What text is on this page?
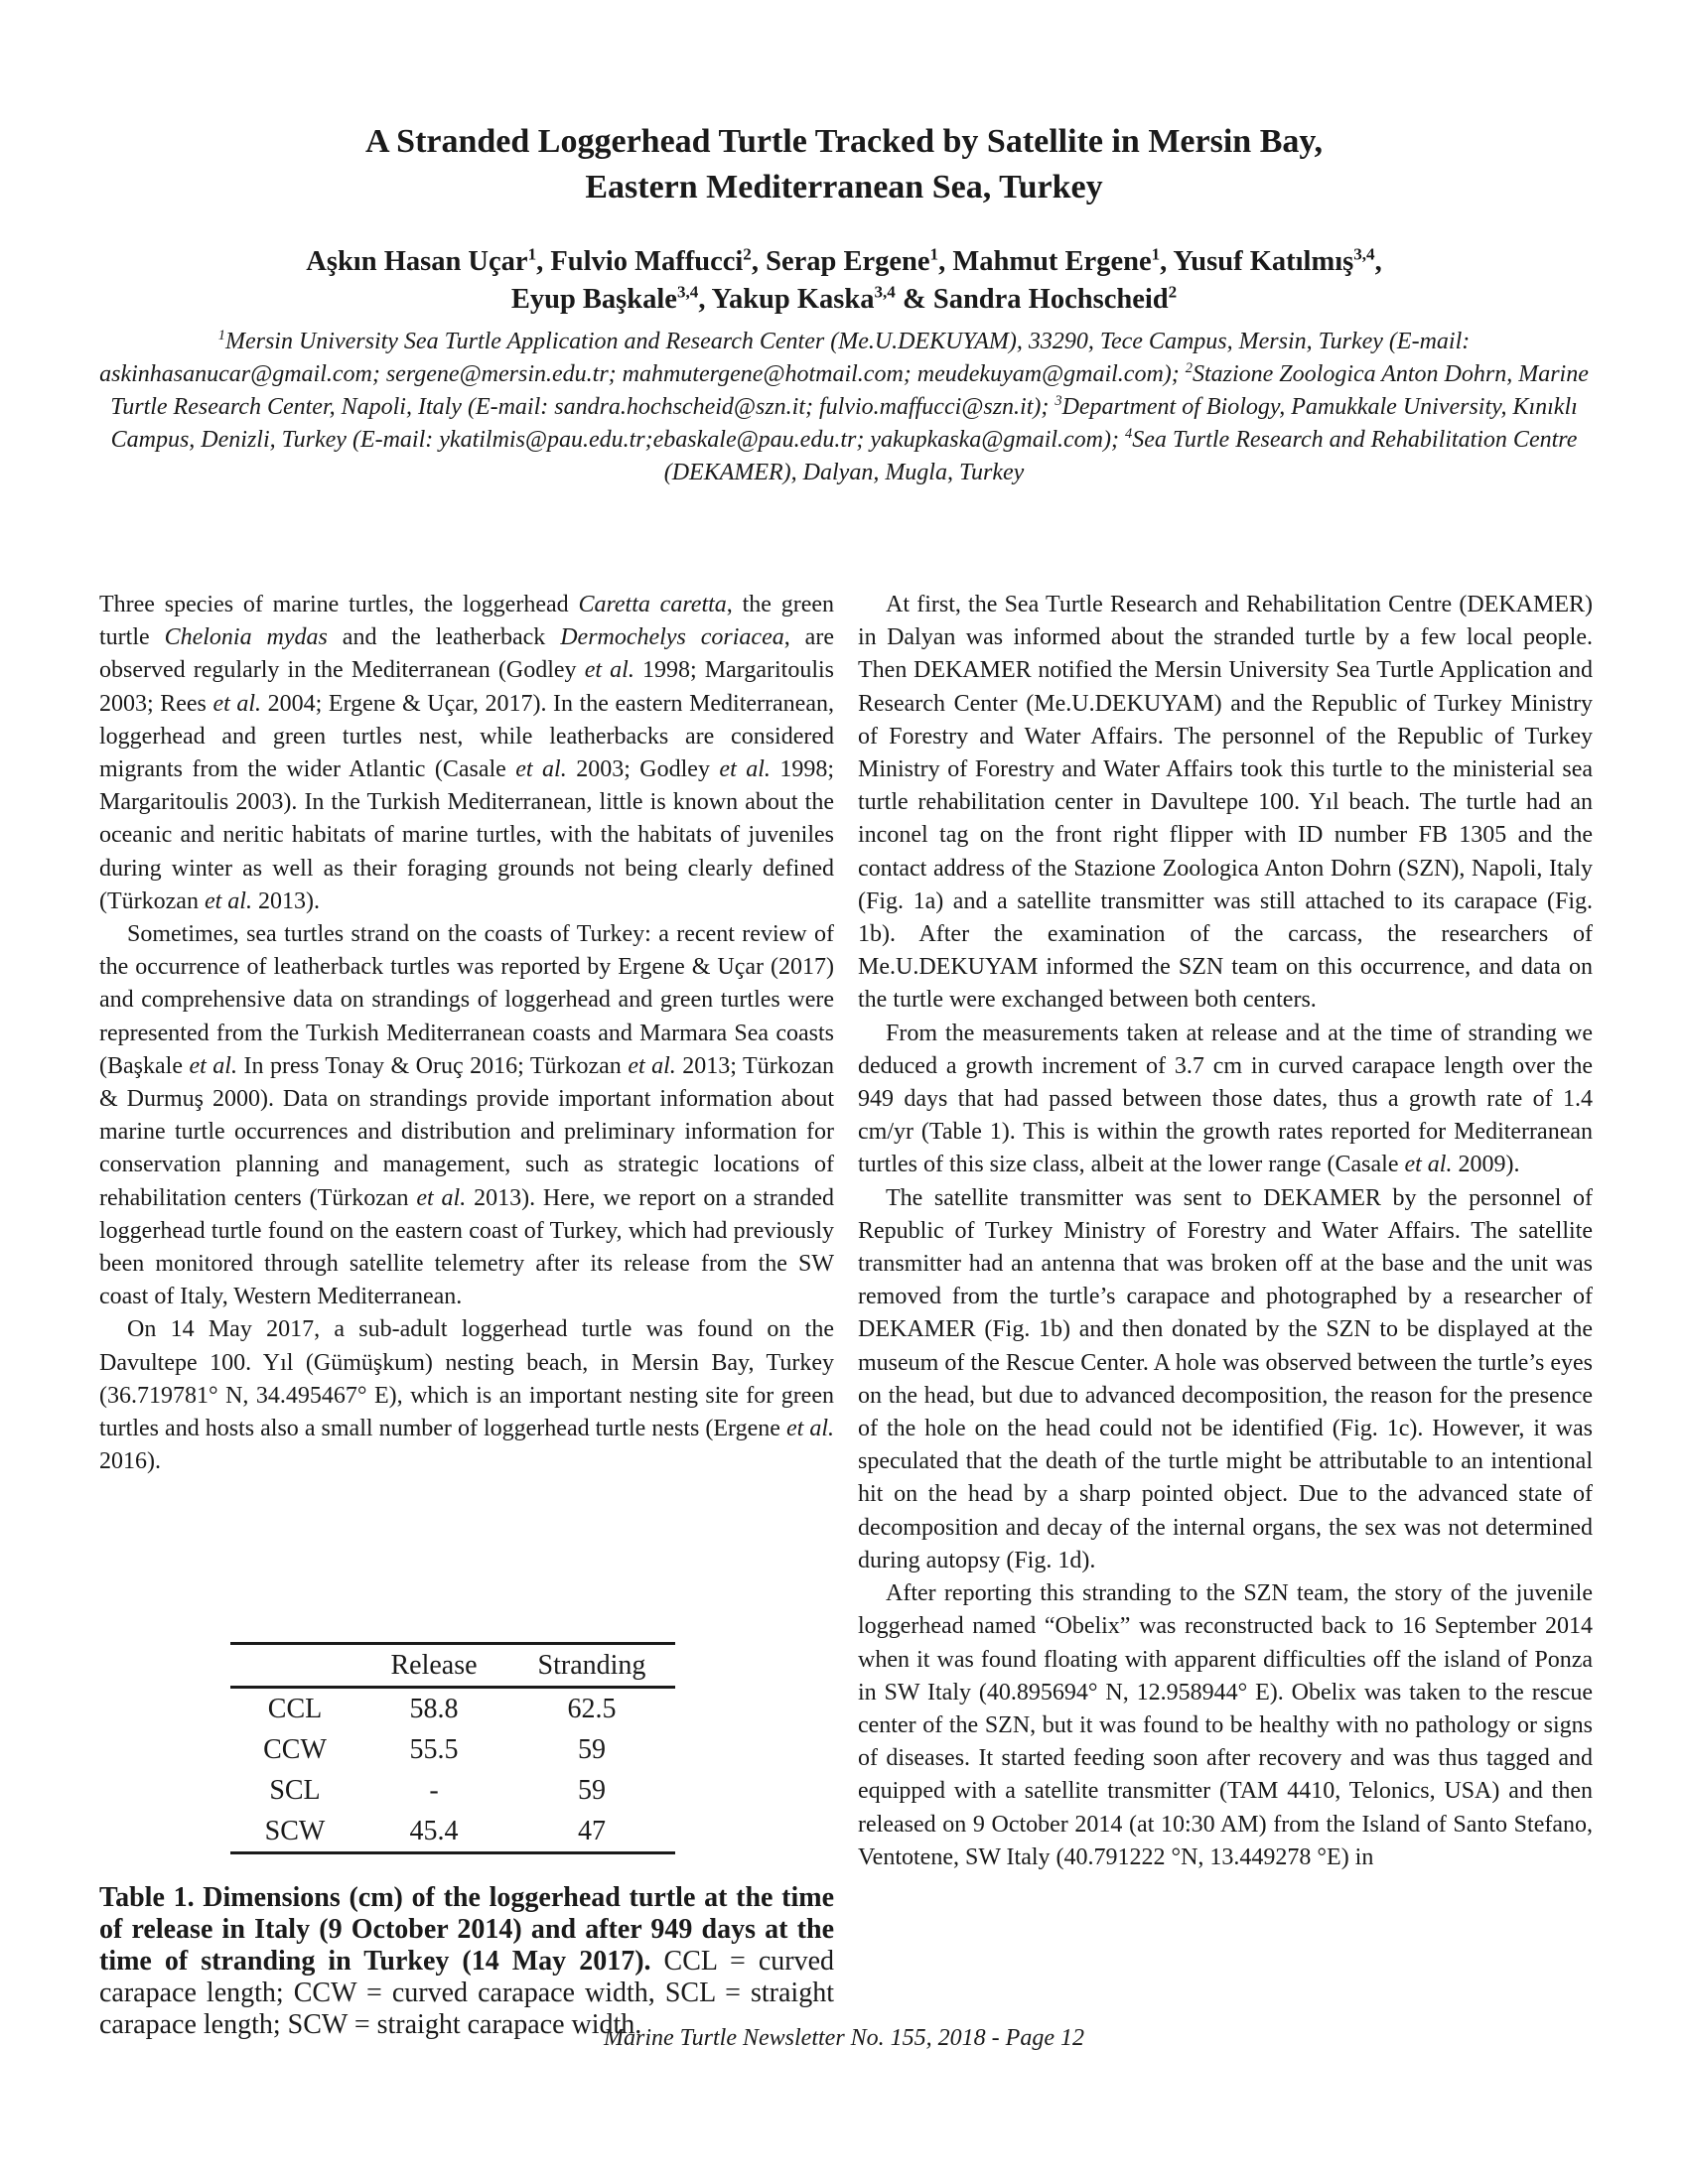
A Stranded Loggerhead Turtle Tracked by Satellite in Mersin Bay,
Eastern Mediterranean Sea, Turkey
Aşkın Hasan Uçar$^1$, Fulvio Maffucci$^2$, Serap Ergene$^1$, Mahmut Ergene$^1$, Yusuf Katılmış$^{3,4}$,
Eyup Başkale$^{3,4}$, Yakup Kaska$^{3,4}$ & Sandra Hochscheid$^2$
$^1$Mersin University Sea Turtle Application and Research Center (Me.U.DEKUYAM), 33290, Tece Campus, Mersin, Turkey (E-mail: askinhasanucar@gmail.com; sergene@mersin.edu.tr; mahmutergene@hotmail.com; meudekuyam@gmail.com); $^2$Stazione Zoologica Anton Dohrn, Marine Turtle Research Center, Napoli, Italy (E-mail: sandra.hochscheid@szn.it; fulvio.maffucci@szn.it); $^3$Department of Biology, Pamukkale University, Kınıklı Campus, Denizli, Turkey (E-mail: ykatilmis@pau.edu.tr;ebaskale@pau.edu.tr; yakupkaska@gmail.com); $^4$Sea Turtle Research and Rehabilitation Centre (DEKAMER), Dalyan, Mugla, Turkey

Three species of marine turtles, the loggerhead Caretta caretta, the green turtle Chelonia mydas and the leatherback Dermochelys coriacea, are observed regularly in the Mediterranean (Godley et al. 1998; Margaritoulis 2003; Rees et al. 2004; Ergene & Uçar, 2017). In the eastern Mediterranean, loggerhead and green turtles nest, while leatherbacks are considered migrants from the wider Atlantic (Casale et al. 2003; Godley et al. 1998; Margaritoulis 2003). In the Turkish Mediterranean, little is known about the oceanic and neritic habitats of marine turtles, with the habitats of juveniles during winter as well as their foraging grounds not being clearly defined (Türkozan et al. 2013).

Sometimes, sea turtles strand on the coasts of Turkey: a recent review of the occurrence of leatherback turtles was reported by Ergene & Uçar (2017) and comprehensive data on strandings of loggerhead and green turtles were represented from the Turkish Mediterranean coasts and Marmara Sea coasts (Başkale et al. In press Tonay & Oruç 2016; Türkozan et al. 2013; Türkozan & Durmuş 2000). Data on strandings provide important information about marine turtle occurrences and distribution and preliminary information for conservation planning and management, such as strategic locations of rehabilitation centers (Türkozan et al. 2013). Here, we report on a stranded loggerhead turtle found on the eastern coast of Turkey, which had previously been monitored through satellite telemetry after its release from the SW coast of Italy, Western Mediterranean.

On 14 May 2017, a sub-adult loggerhead turtle was found on the Davultepe 100. Yıl (Gümüşkum) nesting beach, in Mersin Bay, Turkey (36.719781° N, 34.495467° E), which is an important nesting site for green turtles and hosts also a small number of loggerhead turtle nests (Ergene et al. 2016).

	Release	Stranding
CCL	58.8	62.5
CCW	55.5	59
SCL	-	59
SCW	45.4	47
Table 1. Dimensions (cm) of the loggerhead turtle at the time of release in Italy (9 October 2014) and after 949 days at the time of stranding in Turkey (14 May 2017). CCL = curved carapace length; CCW = curved carapace width, SCL = straight carapace length; SCW = straight carapace width.

At first, the Sea Turtle Research and Rehabilitation Centre (DEKAMER) in Dalyan was informed about the stranded turtle by a few local people. Then DEKAMER notified the Mersin University Sea Turtle Application and Research Center (Me.U.DEKUYAM) and the Republic of Turkey Ministry of Forestry and Water Affairs. The personnel of the Republic of Turkey Ministry of Forestry and Water Affairs took this turtle to the ministerial sea turtle rehabilitation center in Davultepe 100. Yıl beach. The turtle had an inconel tag on the front right flipper with ID number FB 1305 and the contact address of the Stazione Zoologica Anton Dohrn (SZN), Napoli, Italy (Fig. 1a) and a satellite transmitter was still attached to its carapace (Fig. 1b). After the examination of the carcass, the researchers of Me.U.DEKUYAM informed the SZN team on this occurrence, and data on the turtle were exchanged between both centers.

From the measurements taken at release and at the time of stranding we deduced a growth increment of 3.7 cm in curved carapace length over the 949 days that had passed between those dates, thus a growth rate of 1.4 cm/yr (Table 1). This is within the growth rates reported for Mediterranean turtles of this size class, albeit at the lower range (Casale et al. 2009).

The satellite transmitter was sent to DEKAMER by the personnel of Republic of Turkey Ministry of Forestry and Water Affairs. The satellite transmitter had an antenna that was broken off at the base and the unit was removed from the turtle’s carapace and photographed by a researcher of DEKAMER (Fig. 1b) and then donated by the SZN to be displayed at the museum of the Rescue Center. A hole was observed between the turtle’s eyes on the head, but due to advanced decomposition, the reason for the presence of the hole on the head could not be identified (Fig. 1c). However, it was speculated that the death of the turtle might be attributable to an intentional hit on the head by a sharp pointed object. Due to the advanced state of decomposition and decay of the internal organs, the sex was not determined during autopsy (Fig. 1d).

After reporting this stranding to the SZN team, the story of the juvenile loggerhead named “Obelix” was reconstructed back to 16 September 2014 when it was found floating with apparent difficulties off the island of Ponza in SW Italy (40.895694° N, 12.958944° E). Obelix was taken to the rescue center of the SZN, but it was found to be healthy with no pathology or signs of diseases. It started feeding soon after recovery and was thus tagged and equipped with a satellite transmitter (TAM 4410, Telonics, USA) and then released on 9 October 2014 (at 10:30 AM) from the Island of Santo Stefano, Ventotene, SW Italy (40.791222 °N, 13.449278 °E) in

Marine Turtle Newsletter No. 155, 2018 - Page 12
